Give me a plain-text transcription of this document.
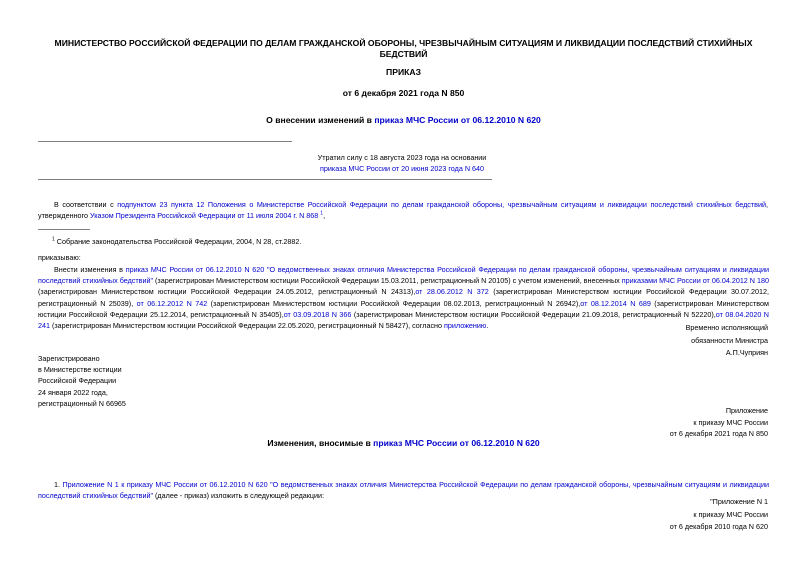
МИНИСТЕРСТВО РОССИЙСКОЙ ФЕДЕРАЦИИ ПО ДЕЛАМ ГРАЖДАНСКОЙ ОБОРОНЫ, ЧРЕЗВЫЧАЙНЫМ СИТУАЦИЯМ И ЛИКВИДАЦИИ ПОСЛЕДСТВИЙ СТИХИЙНЫХ БЕДСТВИЙ
ПРИКАЗ
от 6 декабря 2021 года N 850
О внесении изменений в приказ МЧС России от 06.12.2010 N 620
Утратил силу с 18 августа 2023 года на основании
приказа МЧС России от 20 июня 2023 года N 640
В соответствии с подпунктом 23 пункта 12 Положения о Министерстве Российской Федерации по делам гражданской обороны, чрезвычайным ситуациям и ликвидации последствий стихийных бедствий, утвержденного Указом Президента Российской Федерации от 11 июля 2004 г. N 868 $^1$,
$^1$ Собрание законодательства Российской Федерации, 2004, N 28, ст.2882.
приказываю:
Внести изменения в приказ МЧС России от 06.12.2010 N 620 "О ведомственных знаках отличия Министерства Российской Федерации по делам гражданской обороны, чрезвычайным ситуациям и ликвидации последствий стихийных бедствий" (зарегистрирован Министерством юстиции Российской Федерации 15.03.2011, регистрационный N 20105) с учетом изменений, внесенных приказами МЧС России от 06.04.2012 N 180 (зарегистрирован Министерством юстиции Российской Федерации 24.05.2012, регистрационный N 24313),от 28.06.2012 N 372 (зарегистрирован Министерством юстиции Российской Федерации 30.07.2012, регистрационный N 25039), от 06.12.2012 N 742 (зарегистрирован Министерством юстиции Российской Федерации 08.02.2013, регистрационный N 26942),от 08.12.2014 N 689 (зарегистрирован Министерством юстиции Российской Федерации 25.12.2014, регистрационный N 35405),от 03.09.2018 N 366 (зарегистрирован Министерством юстиции Российской Федерации 21.09.2018, регистрационный N 52220),от 08.04.2020 N 241 (зарегистрирован Министерством юстиции Российской Федерации 22.05.2020, регистрационный N 58427), согласно приложению.	Временно исполняющий
обязанности Министра
А.П.Чуприян
Зарегистрировано
в Министерстве юстиции
Российской Федерации
24 января 2022 года,
регистрационный N 66965
Приложение
к приказу МЧС России
от 6 декабря 2021 года N 850
Изменения, вносимые в приказ МЧС России от 06.12.2010 N 620
1. Приложение N 1 к приказу МЧС России от 06.12.2010 N 620 "О ведомственных знаках отличия Министерства Российской Федерации по делам гражданской обороны, чрезвычайным ситуациям и ликвидации последствий стихийных бедствий" (далее - приказ) изложить в следующей редакции:
"Приложение N 1
к приказу МЧС России
от 6 декабря 2010 года N 620
